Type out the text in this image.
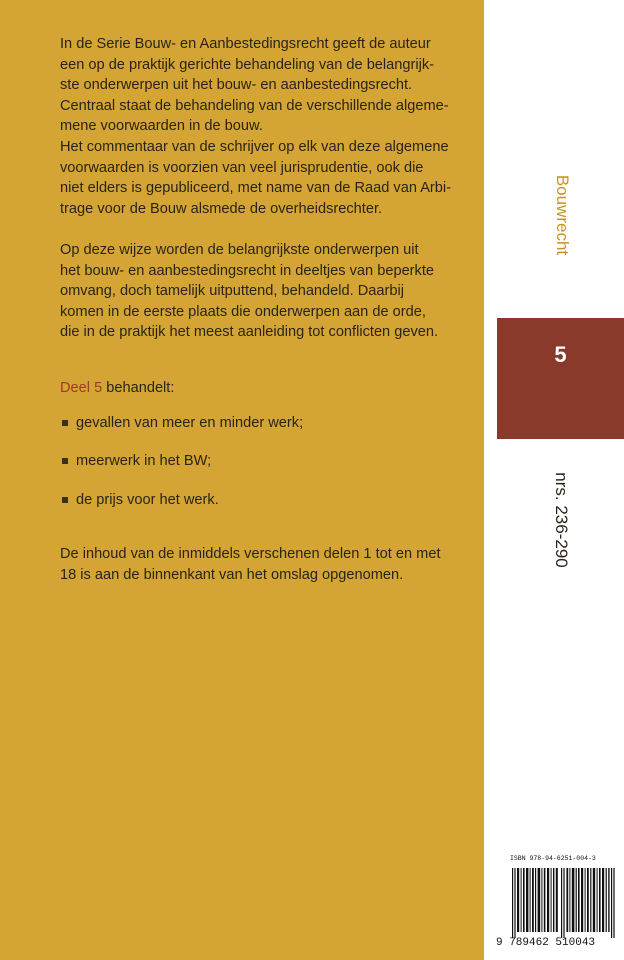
In de Serie Bouw- en Aanbestedingsrecht geeft de auteur
een op de praktijk gerichte behandeling van de belangrijk-
ste onderwerpen uit het bouw- en aanbestedingsrecht.
Centraal staat de behandeling van de verschillende algeme-
mene voorwaarden in de bouw.
Het commentaar van de schrijver op elk van deze algemene
voorwaarden is voorzien van veel jurisprudentie, ook die
niet elders is gepubliceerd, met name van de Raad van Arbi-
trage voor de Bouw alsmede de overheidsrechter.

Op deze wijze worden de belangrijkste onderwerpen uit
het bouw- en aanbestedingsrecht in deeltjes van beperkte
omvang, doch tamelijk uitputtend, behandeld. Daarbij
komen in de eerste plaats die onderwerpen aan de orde,
die in de praktijk het meest aanleiding tot conflicten geven.

Deel 5 behandelt:

gevallen van meer en minder werk;
meerwerk in het BW;
de prijs voor het werk.

De inhoud van de inmiddels verschenen delen 1 tot en met
18 is aan de binnenkant van het omslag opgenomen.

Bouwrecht
5
nrs. 236-290
ISBN 978-94-6251-004-3
9 789462 510043
